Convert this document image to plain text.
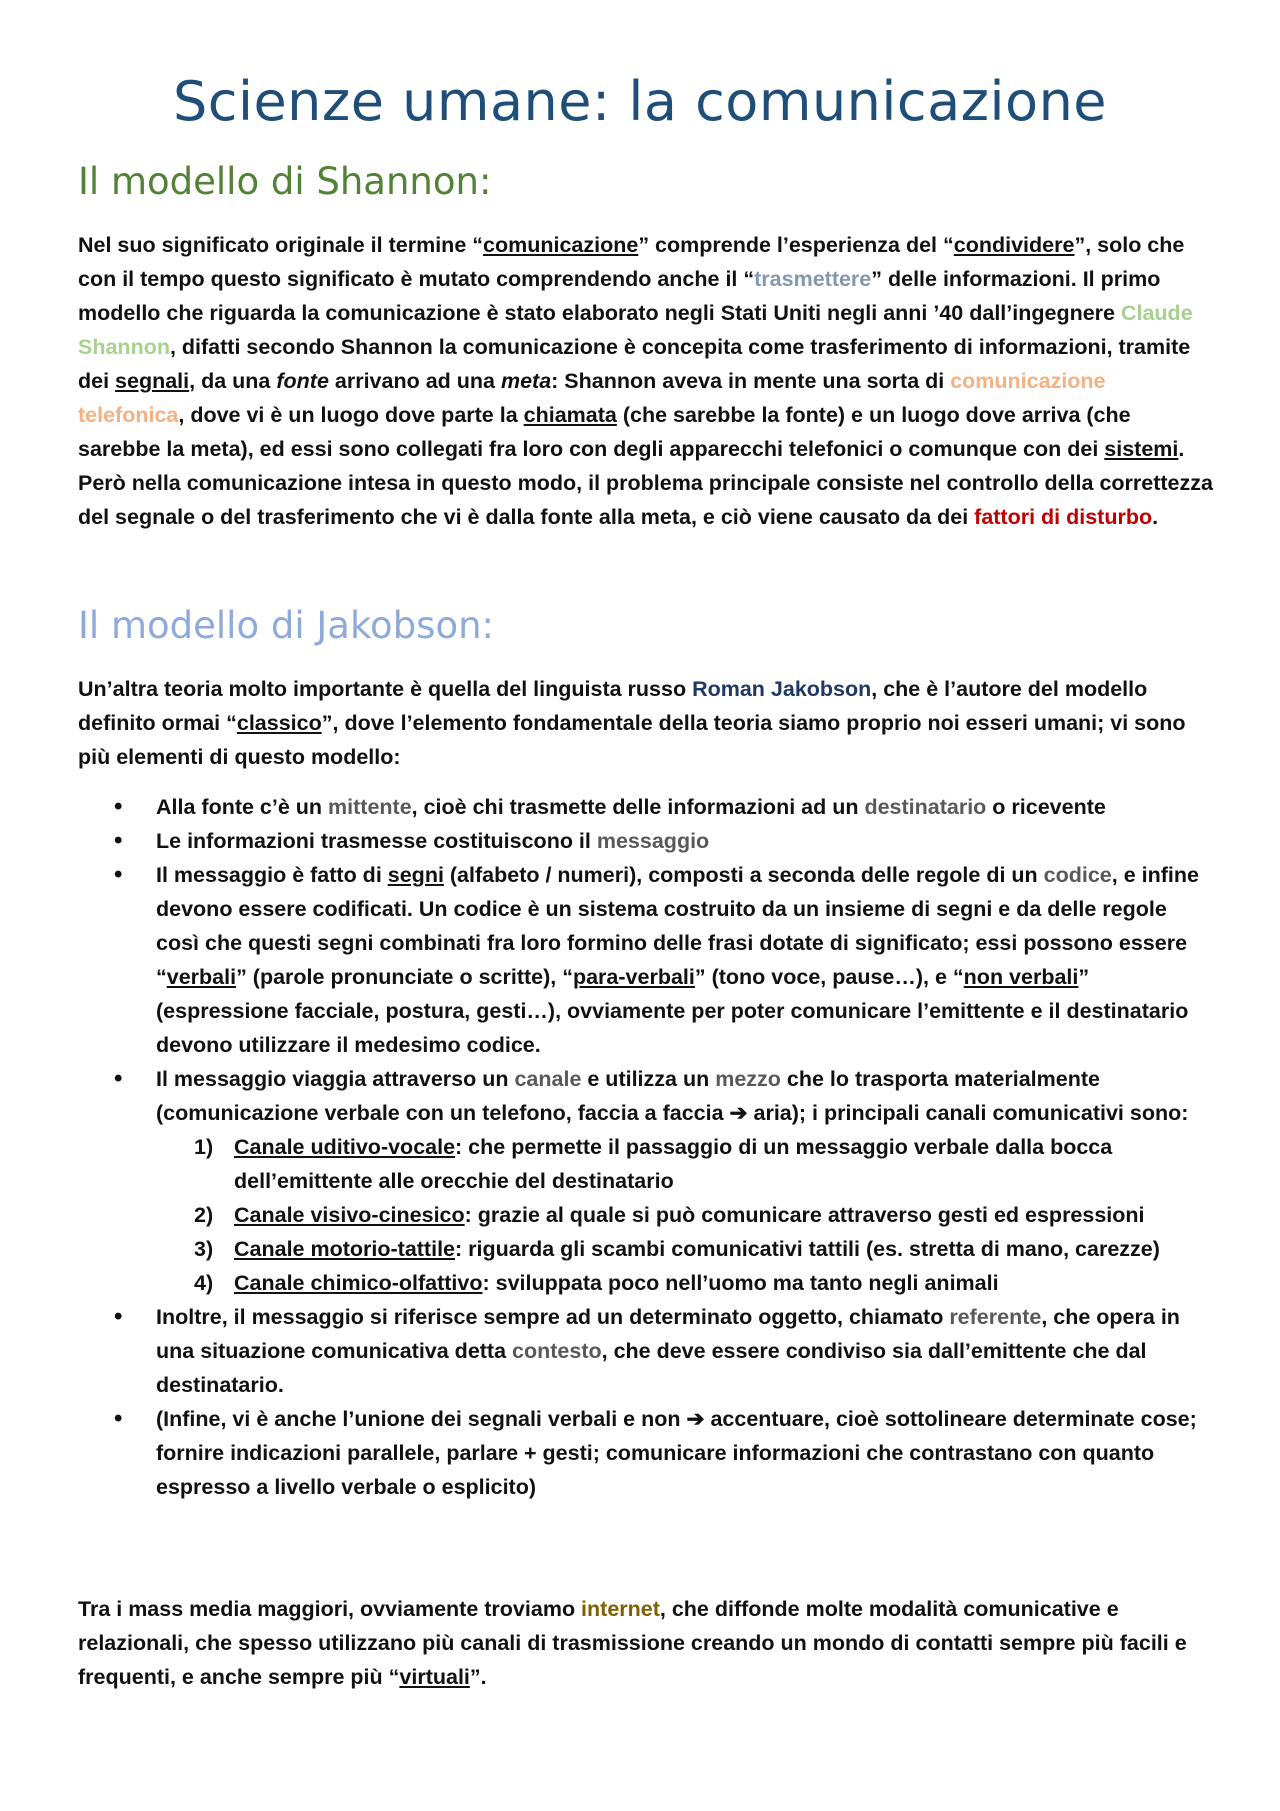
Scienze umane: la comunicazione
Il modello di Shannon:

Nel suo significato originale il termine “comunicazione” comprende l’esperienza del “condividere”, solo che con il tempo questo significato è mutato comprendendo anche il “trasmettere” delle informazioni. Il primo modello che riguarda la comunicazione è stato elaborato negli Stati Uniti negli anni ’40 dall’ingegnere Claude Shannon, difatti secondo Shannon la comunicazione è concepita come trasferimento di informazioni, tramite dei segnali, da una fonte arrivano ad una meta: Shannon aveva in mente una sorta di comunicazione telefonica, dove vi è un luogo dove parte la chiamata (che sarebbe la fonte) e un luogo dove arriva (che sarebbe la meta), ed essi sono collegati fra loro con degli apparecchi telefonici o comunque con dei sistemi. Però nella comunicazione intesa in questo modo, il problema principale consiste nel controllo della correttezza del segnale o del trasferimento che vi è dalla fonte alla meta, e ciò viene causato da dei fattori di disturbo.

Il modello di Jakobson:

Un’altra teoria molto importante è quella del linguista russo Roman Jakobson, che è l’autore del modello definito ormai “classico”, dove l’elemento fondamentale della teoria siamo proprio noi esseri umani; vi sono più elementi di questo modello:

• Alla fonte c’è un mittente, cioè chi trasmette delle informazioni ad un destinatario o ricevente
• Le informazioni trasmesse costituiscono il messaggio
• Il messaggio è fatto di segni (alfabeto / numeri), composti a seconda delle regole di un codice, e infine devono essere codificati. Un codice è un sistema costruito da un insieme di segni e da delle regole così che questi segni combinati fra loro formino delle frasi dotate di significato; essi possono essere “verbali” (parole pronunciate o scritte), “para-verbali” (tono voce, pause…), e “non verbali” (espressione facciale, postura, gesti…), ovviamente per poter comunicare l’emittente e il destinatario devono utilizzare il medesimo codice.
• Il messaggio viaggia attraverso un canale e utilizza un mezzo che lo trasporta materialmente (comunicazione verbale con un telefono, faccia a faccia ➔ aria); i principali canali comunicativi sono:
1) Canale uditivo-vocale: che permette il passaggio di un messaggio verbale dalla bocca dell’emittente alle orecchie del destinatario
2) Canale visivo-cinesico: grazie al quale si può comunicare attraverso gesti ed espressioni
3) Canale motorio-tattile: riguarda gli scambi comunicativi tattili (es. stretta di mano, carezze)
4) Canale chimico-olfattivo: sviluppata poco nell’uomo ma tanto negli animali
• Inoltre, il messaggio si riferisce sempre ad un determinato oggetto, chiamato referente, che opera in una situazione comunicativa detta contesto, che deve essere condiviso sia dall’emittente che dal destinatario.
• (Infine, vi è anche l’unione dei segnali verbali e non ➔ accentuare, cioè sottolineare determinate cose; fornire indicazioni parallele, parlare + gesti; comunicare informazioni che contrastano con quanto espresso a livello verbale o esplicito)

Tra i mass media maggiori, ovviamente troviamo internet, che diffonde molte modalità comunicative e relazionali, che spesso utilizzano più canali di trasmissione creando un mondo di contatti sempre più facili e frequenti, e anche sempre più “virtuali”.
